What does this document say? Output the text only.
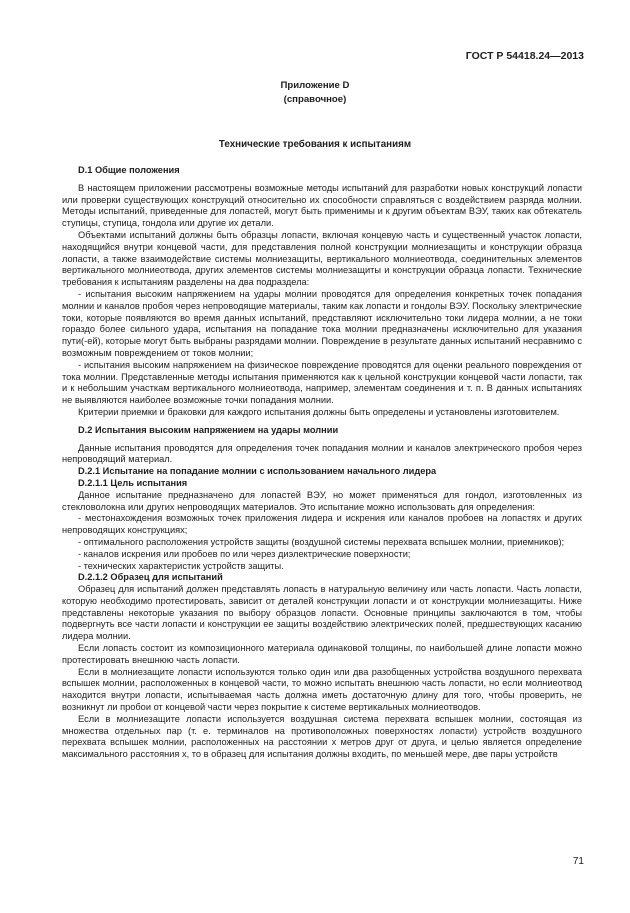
ГОСТ Р 54418.24—2013
Приложение D
(справочное)
Технические требования к испытаниям
D.1 Общие положения

В настоящем приложении рассмотрены возможные методы испытаний для разработки новых конструкций лопасти или проверки существующих конструкций относительно их способности справляться с воздействием разряда молнии. Методы испытаний, приведенные для лопастей, могут быть применимы и к другим объектам ВЭУ, таких как обтекатель ступицы, ступица, гондола или другие их детали.

Объектами испытаний должны быть образцы лопасти, включая концевую часть и существенный участок лопасти, находящийся внутри концевой части, для представления полной конструкции молниезащиты и конструкции образца лопасти, а также взаимодействие системы молниезащиты, вертикального молниеотвода, соединительных элементов вертикального молниеотвода, других элементов системы молниезащиты и конструкции образца лопасти. Технические требования к испытаниям разделены на два подраздела:

- испытания высоким напряжением на удары молнии проводятся для определения конкретных точек попадания молнии и каналов пробоя через непроводящие материалы, таким как лопасти и гондолы ВЭУ. Поскольку электрические токи, которые появляются во время данных испытаний, представляют исключительно токи лидера молнии, а не токи гораздо более сильного удара, испытания на попадание тока молнии предназначены исключительно для указания пути(-ей), которые могут быть выбраны разрядами молнии. Повреждение в результате данных испытаний несравнимо с возможным повреждением от токов молнии;

- испытания высоким напряжением на физическое повреждение проводятся для оценки реального повреждения от тока молнии. Представленные методы испытания применяются как к цельной конструкции концевой части лопасти, так и к небольшим участкам вертикального молниеотвода, например, элементам соединения и т. п. В данных испытаниях не выявляются наиболее возможные точки попадания молнии.

Критерии приемки и браковки для каждого испытания должны быть определены и установлены изготовителем.

D.2 Испытания высоким напряжением на удары молнии

Данные испытания проводятся для определения точек попадания молнии и каналов электрического пробоя через непроводящий материал.

D.2.1 Испытание на попадание молнии с использованием начального лидера
D.2.1.1 Цель испытания

Данное испытание предназначено для лопастей ВЭУ, но может применяться для гондол, изготовленных из стекловолокна или других непроводящих материалов. Это испытание можно использовать для определения:

- местонахождения возможных точек приложения лидера и искрения или каналов пробоев на лопастях и других непроводящих конструкциях;

- оптимального расположения устройств защиты (воздушной системы перехвата вспышек молнии, приемников);

- каналов искрения или пробоев по или через диэлектрические поверхности;

- технических характеристик устройств защиты.

D.2.1.2 Образец для испытаний

Образец для испытаний должен представлять лопасть в натуральную величину или часть лопасти. Часть лопасти, которую необходимо протестировать, зависит от деталей конструкции лопасти и от конструкции молниезащиты. Ниже представлены некоторые указания по выбору образцов лопасти. Основные принципы заключаются в том, чтобы подвергнуть все части лопасти и конструкции ее защиты воздействию электрических полей, предшествующих касанию лидера молнии.

Если лопасть состоит из композиционного материала одинаковой толщины, по наибольшей длине лопасти можно протестировать внешнюю часть лопасти.

Если в молниезащите лопасти используются только один или два разобщенных устройства воздушного перехвата вспышек молнии, расположенных в концевой части, то можно испытать внешнюю часть лопасти, но если молниеотвод находится внутри лопасти, испытываемая часть должна иметь достаточную длину для того, чтобы проверить, не возникнут ли пробои от концевой части через покрытие к системе вертикальных молниеотводов.

Если в молниезащите лопасти используется воздушная система перехвата вспышек молнии, состоящая из множества отдельных пар (т. е. терминалов на противоположных поверхностях лопасти) устройств воздушного перехвата вспышек молнии, расположенных на расстоянии x метров друг от друга, и целью является определение максимального расстояния x, то в образец для испытания должны входить, по меньшей мере, две пары устройств

71
